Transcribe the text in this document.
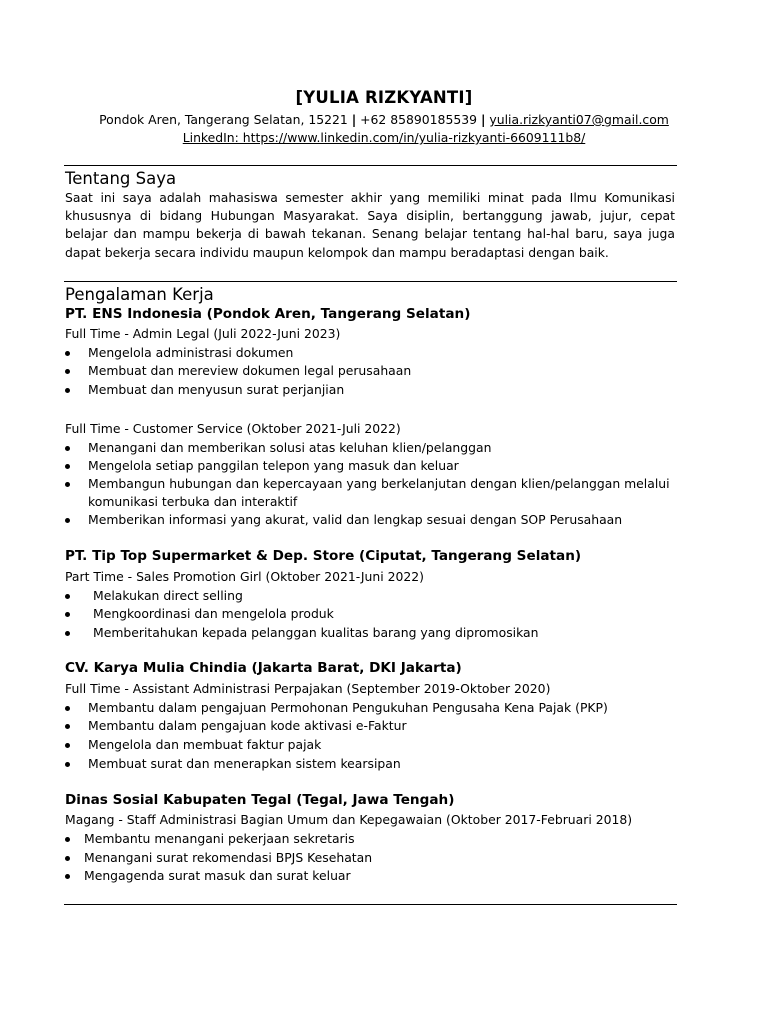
[YULIA RIZKYANTI]
Pondok Aren, Tangerang Selatan, 15221 | +62 85890185539 | yulia.rizkyanti07@gmail.com
LinkedIn: https://www.linkedin.com/in/yulia-rizkyanti-6609111b8/
Tentang Saya
Saat ini saya adalah mahasiswa semester akhir yang memiliki minat pada Ilmu Komunikasi khususnya di bidang Hubungan Masyarakat. Saya disiplin, bertanggung jawab, jujur, cepat belajar dan mampu bekerja di bawah tekanan. Senang belajar tentang hal-hal baru, saya juga dapat bekerja secara individu maupun kelompok dan mampu beradaptasi dengan baik.
Pengalaman Kerja
PT. ENS Indonesia (Pondok Aren, Tangerang Selatan)
Full Time - Admin Legal (Juli 2022-Juni 2023)
Mengelola administrasi dokumen
Membuat dan mereview dokumen legal perusahaan
Membuat dan menyusun surat perjanjian
Full Time - Customer Service (Oktober 2021-Juli 2022)
Menangani dan memberikan solusi atas keluhan klien/pelanggan
Mengelola setiap panggilan telepon yang masuk dan keluar
Membangun hubungan dan kepercayaan yang berkelanjutan dengan klien/pelanggan melalui komunikasi terbuka dan interaktif
Memberikan informasi yang akurat, valid dan lengkap sesuai dengan SOP Perusahaan
PT. Tip Top Supermarket & Dep. Store (Ciputat, Tangerang Selatan)
Part Time - Sales Promotion Girl (Oktober 2021-Juni 2022)
Melakukan direct selling
Mengkoordinasi dan mengelola produk
Memberitahukan kepada pelanggan kualitas barang yang dipromosikan
CV. Karya Mulia Chindia (Jakarta Barat, DKI Jakarta)
Full Time - Assistant Administrasi Perpajakan (September 2019-Oktober 2020)
Membantu dalam pengajuan Permohonan Pengukuhan Pengusaha Kena Pajak (PKP)
Membantu dalam pengajuan kode aktivasi e-Faktur
Mengelola dan membuat faktur pajak
Membuat surat dan menerapkan sistem kearsipan
Dinas Sosial Kabupaten Tegal (Tegal, Jawa Tengah)
Magang - Staff Administrasi Bagian Umum dan Kepegawaian (Oktober 2017-Februari 2018)
Membantu menangani pekerjaan sekretaris
Menangani surat rekomendasi BPJS Kesehatan
Mengagenda surat masuk dan surat keluar
